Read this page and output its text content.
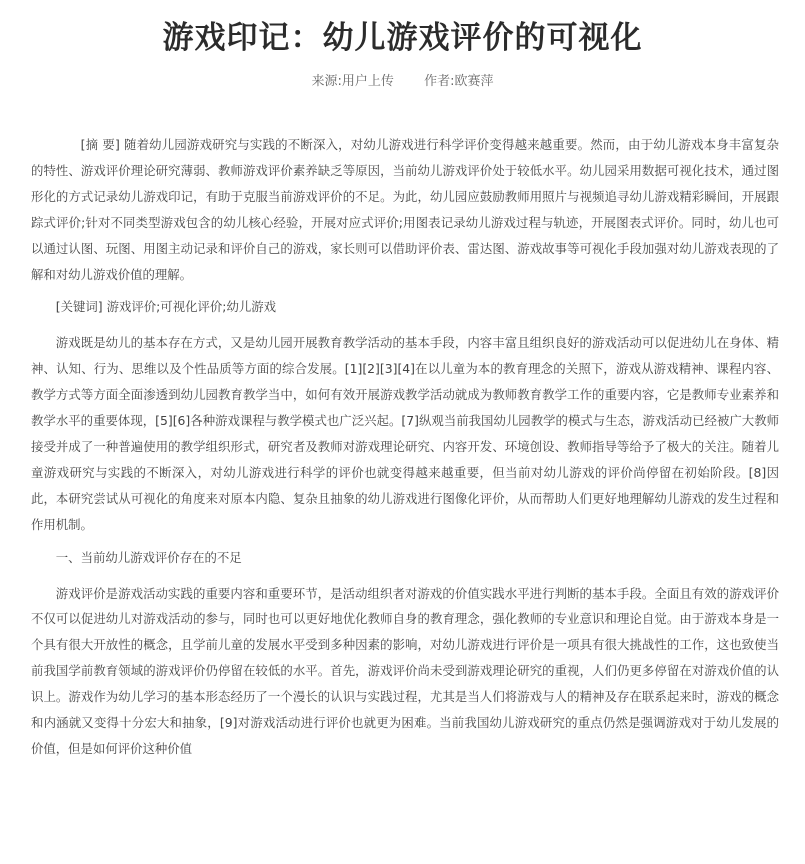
游戏印记：幼儿游戏评价的可视化
来源:用户上传 作者:欧赛萍

[摘 要] 随着幼儿园游戏研究与实践的不断深入，对幼儿游戏进行科学评价变得越来越重要。然而，由于幼儿游戏本身丰富复杂的特性、游戏评价理论研究薄弱、教师游戏评价素养缺乏等原因，当前幼儿游戏评价处于较低水平。幼儿园采用数据可视化技术，通过图形化的方式记录幼儿游戏印记，有助于克服当前游戏评价的不足。为此，幼儿园应鼓励教师用照片与视频追寻幼儿游戏精彩瞬间，开展跟踪式评价;针对不同类型游戏包含的幼儿核心经验，开展对应式评价;用图表记录幼儿游戏过程与轨迹，开展图表式评价。同时，幼儿也可以通过认图、玩图、用图主动记录和评价自己的游戏，家长则可以借助评价表、雷达图、游戏故事等可视化手段加强对幼儿游戏表现的了解和对幼儿游戏价值的理解。

[关键词] 游戏评价;可视化评价;幼儿游戏

游戏既是幼儿的基本存在方式，又是幼儿园开展教育教学活动的基本手段，内容丰富且组织良好的游戏活动可以促进幼儿在身体、精神、认知、行为、思维以及个性品质等方面的综合发展。[1][2][3][4]在以儿童为本的教育理念的关照下，游戏从游戏精神、课程内容、教学方式等方面全面渗透到幼儿园教育教学当中，如何有效开展游戏教学活动就成为教师教育教学工作的重要内容，它是教师专业素养和教学水平的重要体现，[5][6]各种游戏课程与教学模式也广泛兴起。[7]纵观当前我国幼儿园教学的模式与生态，游戏活动已经被广大教师接受并成了一种普遍使用的教学组织形式，研究者及教师对游戏理论研究、内容开发、环境创设、教师指导等给予了极大的关注。随着儿童游戏研究与实践的不断深入，对幼儿游戏进行科学的评价也就变得越来越重要，但当前对幼儿游戏的评价尚停留在初始阶段。[8]因此，本研究尝试从可视化的角度来对原本内隐、复杂且抽象的幼儿游戏进行图像化评价，从而帮助人们更好地理解幼儿游戏的发生过程和作用机制。

一、当前幼儿游戏评价存在的不足

游戏评价是游戏活动实践的重要内容和重要环节，是活动组织者对游戏的价值实践水平进行判断的基本手段。全面且有效的游戏评价不仅可以促进幼儿对游戏活动的参与，同时也可以更好地优化教师自身的教育理念，强化教师的专业意识和理论自觉。由于游戏本身是一个具有很大开放性的概念，且学前儿童的发展水平受到多种因素的影响，对幼儿游戏进行评价是一项具有很大挑战性的工作，这也致使当前我国学前教育领域的游戏评价仍停留在较低的水平。首先，游戏评价尚未受到游戏理论研究的重视，人们仍更多停留在对游戏价值的认识上。游戏作为幼儿学习的基本形态经历了一个漫长的认识与实践过程，尤其是当人们将游戏与人的精神及存在联系起来时，游戏的概念和内涵就又变得十分宏大和抽象，[9]对游戏活动进行评价也就更为困难。当前我国幼儿游戏研究的重点仍然是强调游戏对于幼儿发展的价值，但是如何评价这种价值
